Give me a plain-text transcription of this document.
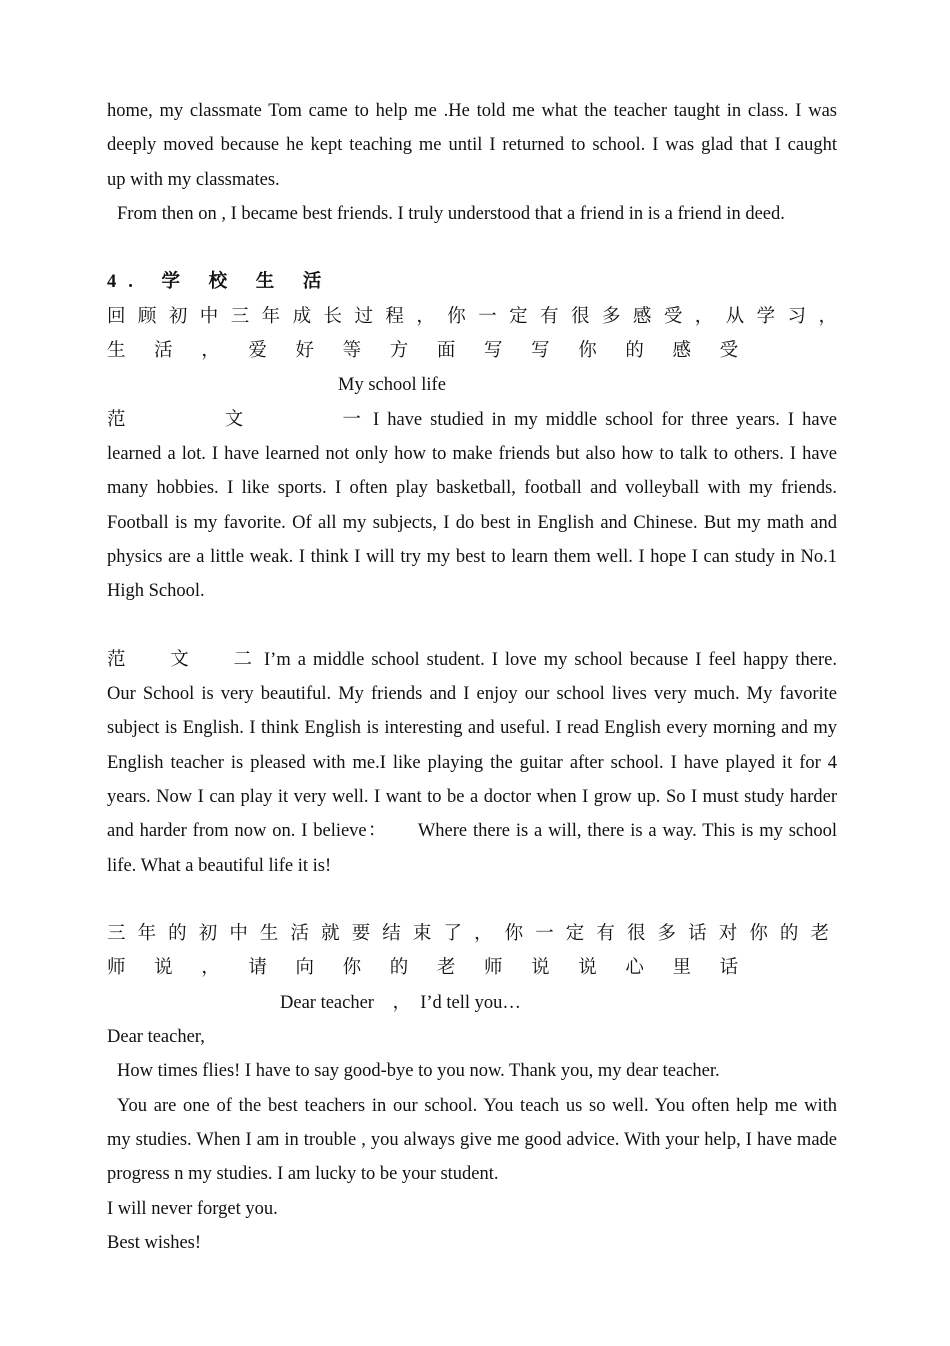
home, my classmate Tom came to help me .He told me what the teacher taught in class. I was
deeply moved because he kept teaching me until I returned to school. I was glad that I caught
up with my classmates.
From then on , I became best friends. I truly understood that a friend in is a friend in deed.
4. 学 校 生 活
回 顾 初 中 三 年 成 长 过 程 ， 你 一 定 有 很 多 感 受 ， 从 学 习 ，
生 活 ， 爱 好 等 方 面 写 写 你 的 感 受
My school life
范 文 一I have studied in my middle school for three years. I have
learned a lot. I have learned not only how to make friends but also how to talk to others. I have many hobbies. I like sports. I often play basketball, football and volleyball with my friends. Football is my favorite. Of all my subjects, I do best in English and Chinese. But my math and physics are a little weak. I think I will try my best to learn them well. I hope I can study in No.1 High School.
范 文 二I’m a middle school student. I love my school because I feel happy there.
Our School is very beautiful. My friends and I enjoy our school lives very much. My favorite subject is English. I think English is interesting and useful. I read English every morning and my English teacher is pleased with me.I like playing the guitar after school. I have played it for 4 years. Now I can play it very well. I want to be a doctor when I grow up. So I must study harder and harder from now on. I believe：　　Where there is a will, there is a way. This is my school life. What a beautiful life it is!
三 年 的 初 中 生 活 就 要 结 束 了 ， 你 一 定 有 很 多 话 对 你 的 老
师 说 ， 请 向 你 的 老 师 说 说 心 里 话
Dear teacher　，　I’d tell you…
Dear teacher,
How times flies! I have to say good-bye to you now. Thank you, my dear teacher.
You are one of the best teachers in our school. You teach us so well. You often help me with
my studies. When I am in trouble , you always give me good advice. With your help, I have made progress n my studies. I am lucky to be your student.
I will never forget you.
Best wishes!
